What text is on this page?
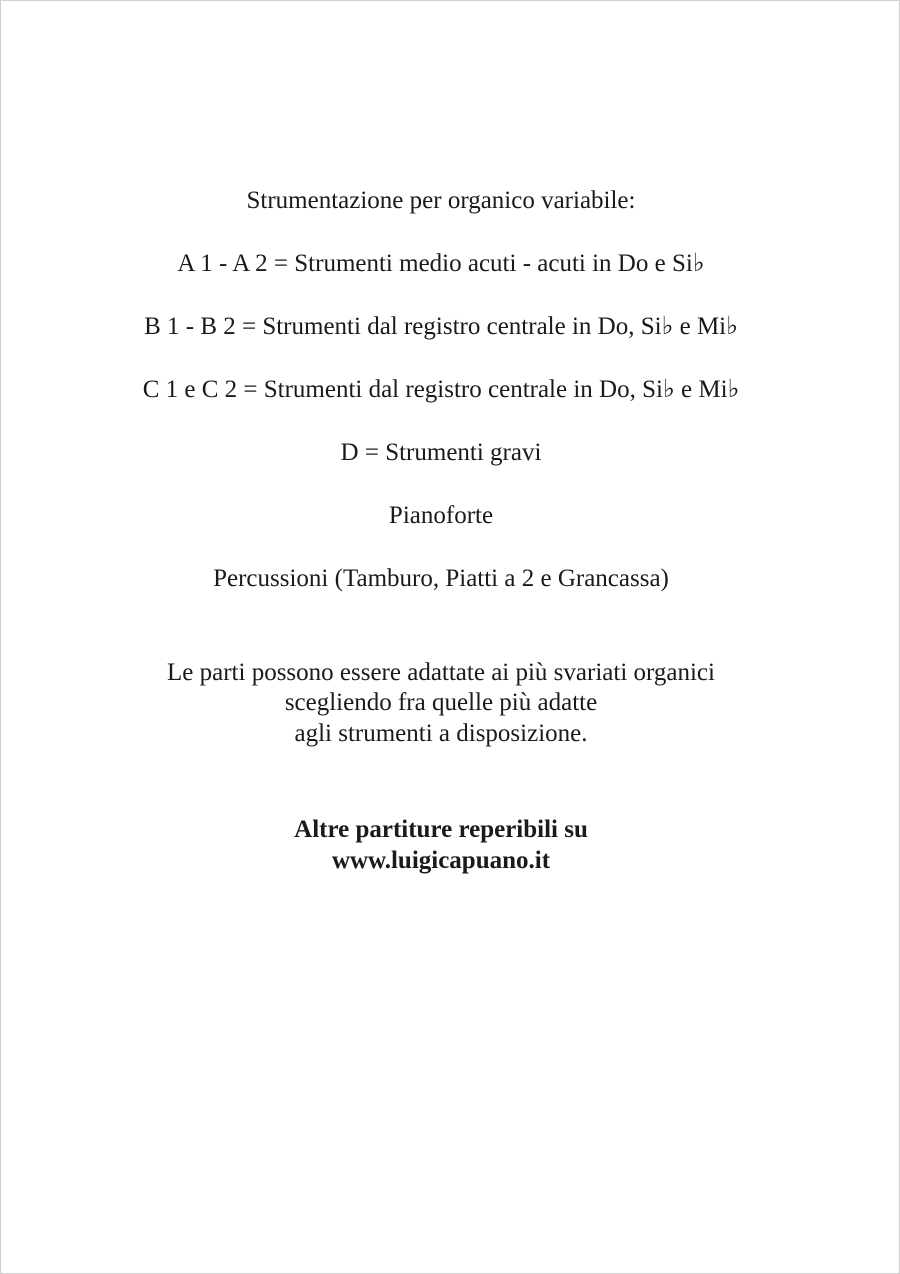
Strumentazione per organico variabile:
A 1 - A 2 = Strumenti medio acuti - acuti in Do e Si♭
B 1 - B 2 = Strumenti dal registro centrale in Do, Si♭ e Mi♭
C 1 e C 2 = Strumenti dal registro centrale in Do, Si♭ e Mi♭
D = Strumenti gravi
Pianoforte
Percussioni (Tamburo, Piatti a 2 e Grancassa)
Le parti possono essere adattate ai più svariati organici
scegliendo fra quelle più adatte
agli strumenti a disposizione.
Altre partiture reperibili su
www.luigicapuano.it
